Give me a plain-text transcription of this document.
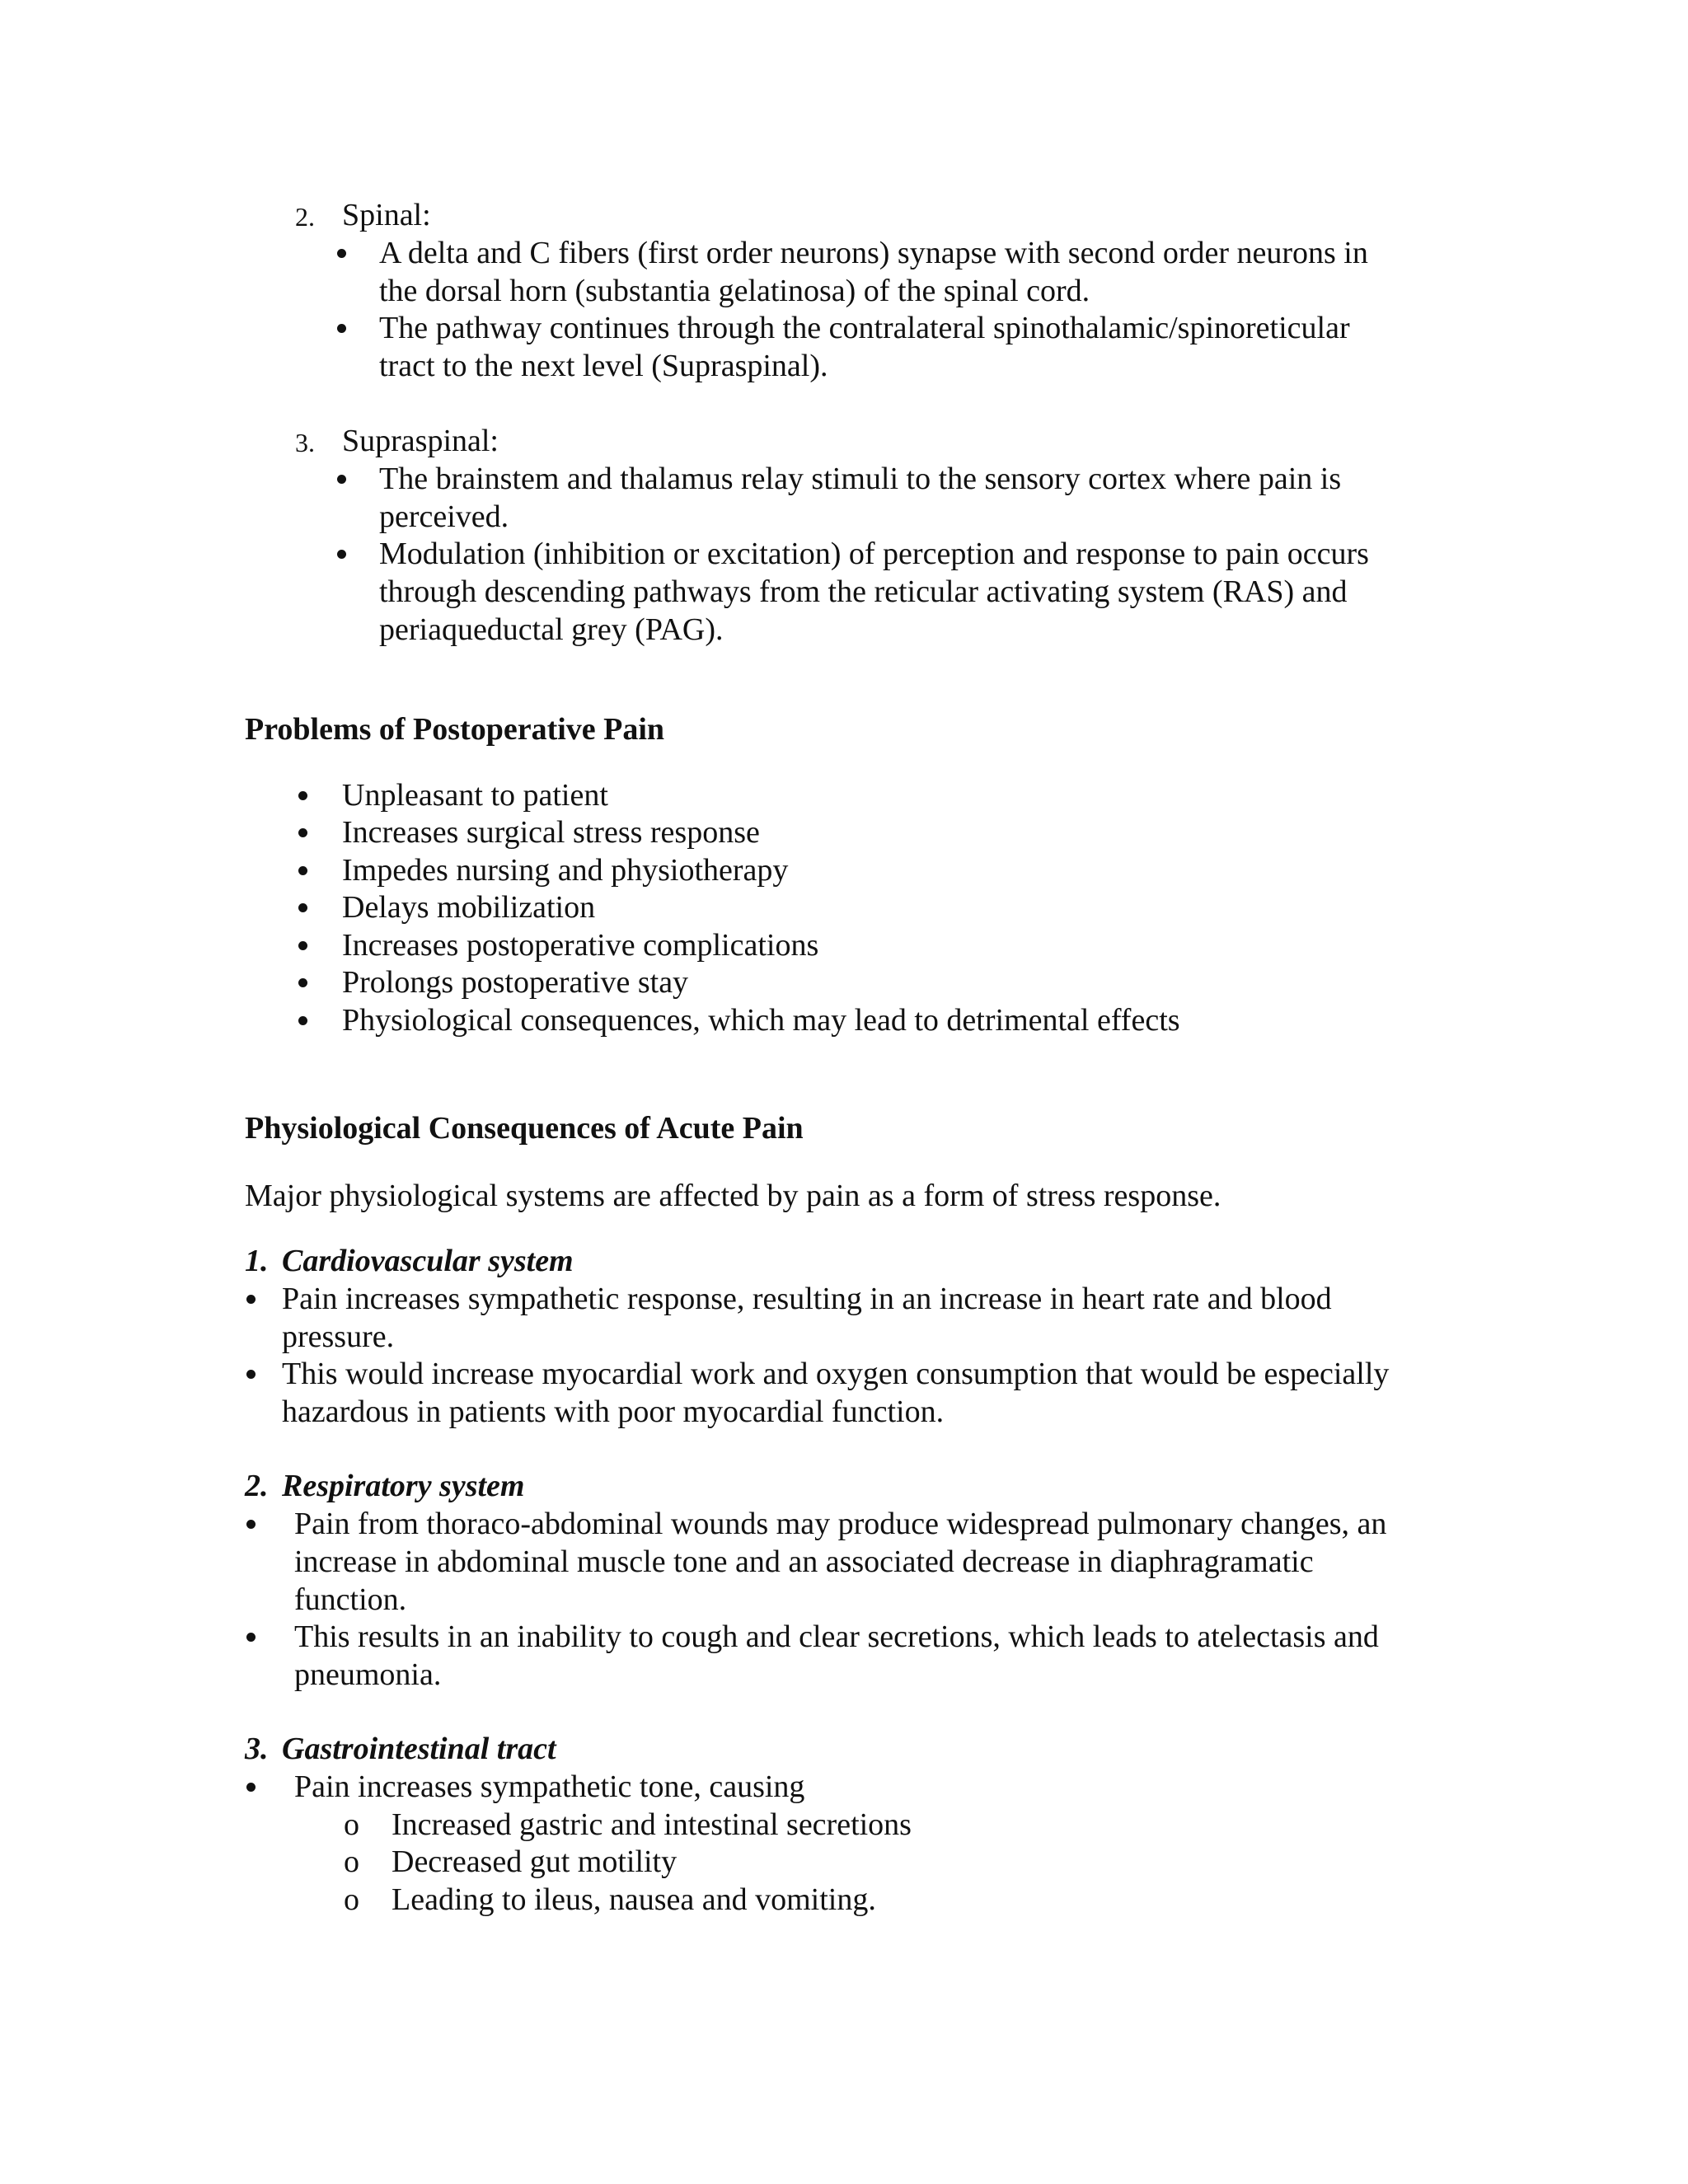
2. Spinal:
A delta and C fibers (first order neurons) synapse with second order neurons in
the dorsal horn (substantia gelatinosa) of the spinal cord.
The pathway continues through the contralateral spinothalamic/spinoreticular
tract to the next level (Supraspinal).
3. Supraspinal:
The brainstem and thalamus relay stimuli to the sensory cortex where pain is
perceived.
Modulation (inhibition or excitation) of perception and response to pain occurs
through descending pathways from the reticular activating system (RAS) and
periaqueductal grey (PAG).
Problems of Postoperative Pain
Unpleasant to patient
Increases surgical stress response
Impedes nursing and physiotherapy
Delays mobilization
Increases postoperative complications
Prolongs postoperative stay
Physiological consequences, which may lead to detrimental effects
Physiological Consequences of Acute Pain
Major physiological systems are affected by pain as a form of stress response.
1. Cardiovascular system
Pain increases sympathetic response, resulting in an increase in heart rate and blood
pressure.
This would increase myocardial work and oxygen consumption that would be especially
hazardous in patients with poor myocardial function.
2. Respiratory system
Pain from thoraco-abdominal wounds may produce widespread pulmonary changes, an
increase in abdominal muscle tone and an associated decrease in diaphragramatic
function.
This results in an inability to cough and clear secretions, which leads to atelectasis and
pneumonia.
3. Gastrointestinal tract
Pain increases sympathetic tone, causing
o Increased gastric and intestinal secretions
o Decreased gut motility
o Leading to ileus, nausea and vomiting.
